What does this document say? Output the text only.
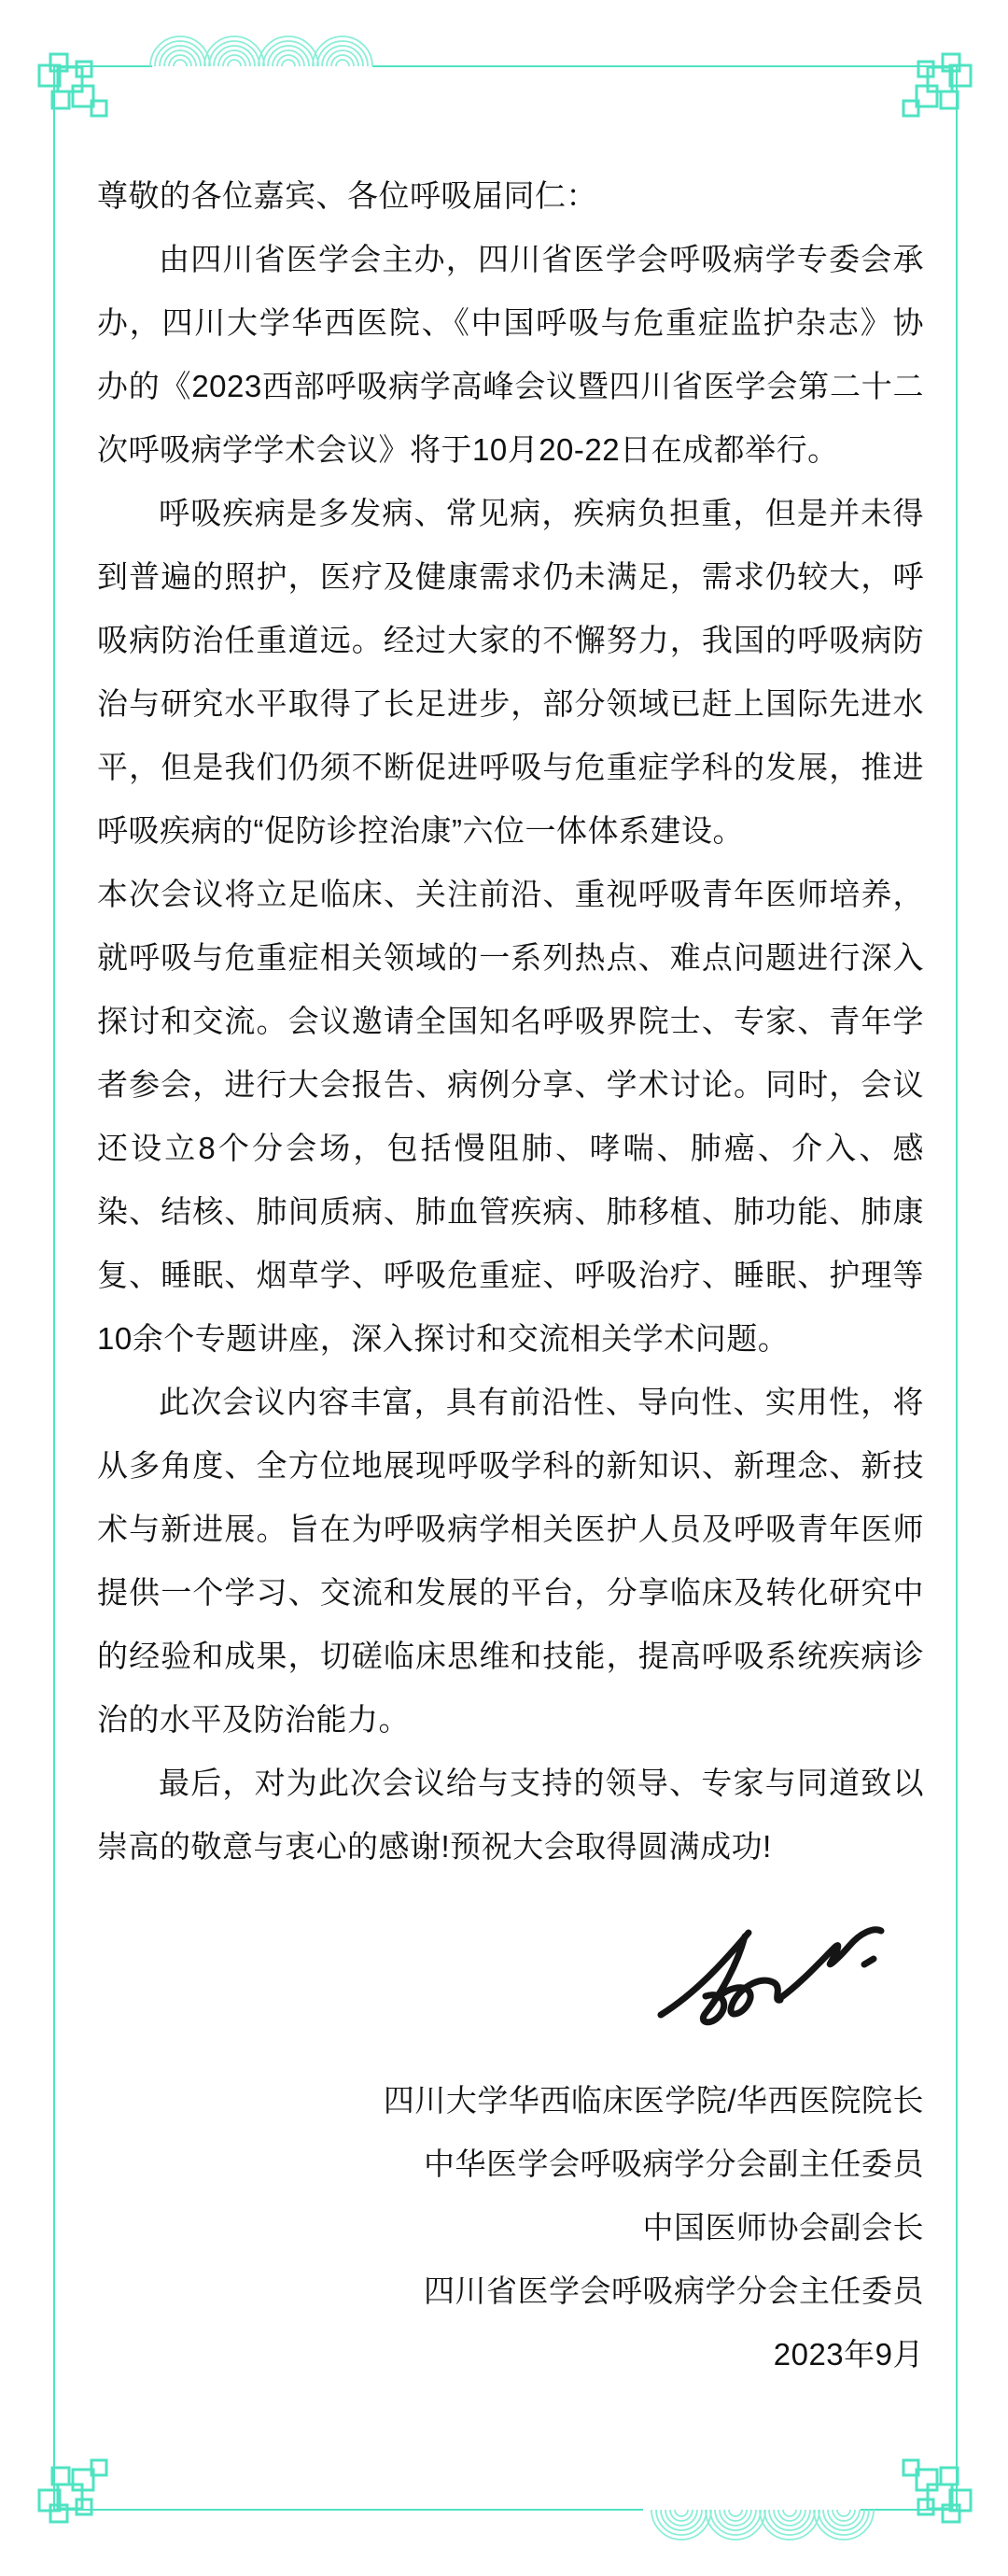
尊敬的各位嘉宾、各位呼吸届同仁：

由四川省医学会主办，四川省医学会呼吸病学专委会承办，四川大学华西医院、《中国呼吸与危重症监护杂志》协办的《2023西部呼吸病学高峰会议暨四川省医学会第二十二次呼吸病学学术会议》将于10月20-22日在成都举行。

呼吸疾病是多发病、常见病，疾病负担重，但是并未得到普遍的照护，医疗及健康需求仍未满足，需求仍较大，呼吸病防治任重道远。经过大家的不懈努力，我国的呼吸病防治与研究水平取得了长足进步，部分领域已赶上国际先进水平，但是我们仍须不断促进呼吸与危重症学科的发展，推进呼吸疾病的“促防诊控治康”六位一体体系建设。

本次会议将立足临床、关注前沿、重视呼吸青年医师培养，就呼吸与危重症相关领域的一系列热点、难点问题进行深入探讨和交流。会议邀请全国知名呼吸界院士、专家、青年学者参会，进行大会报告、病例分享、学术讨论。同时，会议还设立8个分会场，包括慢阻肺、哮喘、肺癌、介入、感染、结核、肺间质病、肺血管疾病、肺移植、肺功能、肺康复、睡眠、烟草学、呼吸危重症、呼吸治疗、睡眠、护理等10余个专题讲座，深入探讨和交流相关学术问题。

此次会议内容丰富，具有前沿性、导向性、实用性，将从多角度、全方位地展现呼吸学科的新知识、新理念、新技术与新进展。旨在为呼吸病学相关医护人员及呼吸青年医师提供一个学习、交流和发展的平台，分享临床及转化研究中的经验和成果，切磋临床思维和技能，提高呼吸系统疾病诊治的水平及防治能力。

最后，对为此次会议给与支持的领导、专家与同道致以崇高的敬意与衷心的感谢!预祝大会取得圆满成功!

四川大学华西临床医学院/华西医院院长
中华医学会呼吸病学分会副主任委员
中国医师协会副会长
四川省医学会呼吸病学分会主任委员
2023年9月
